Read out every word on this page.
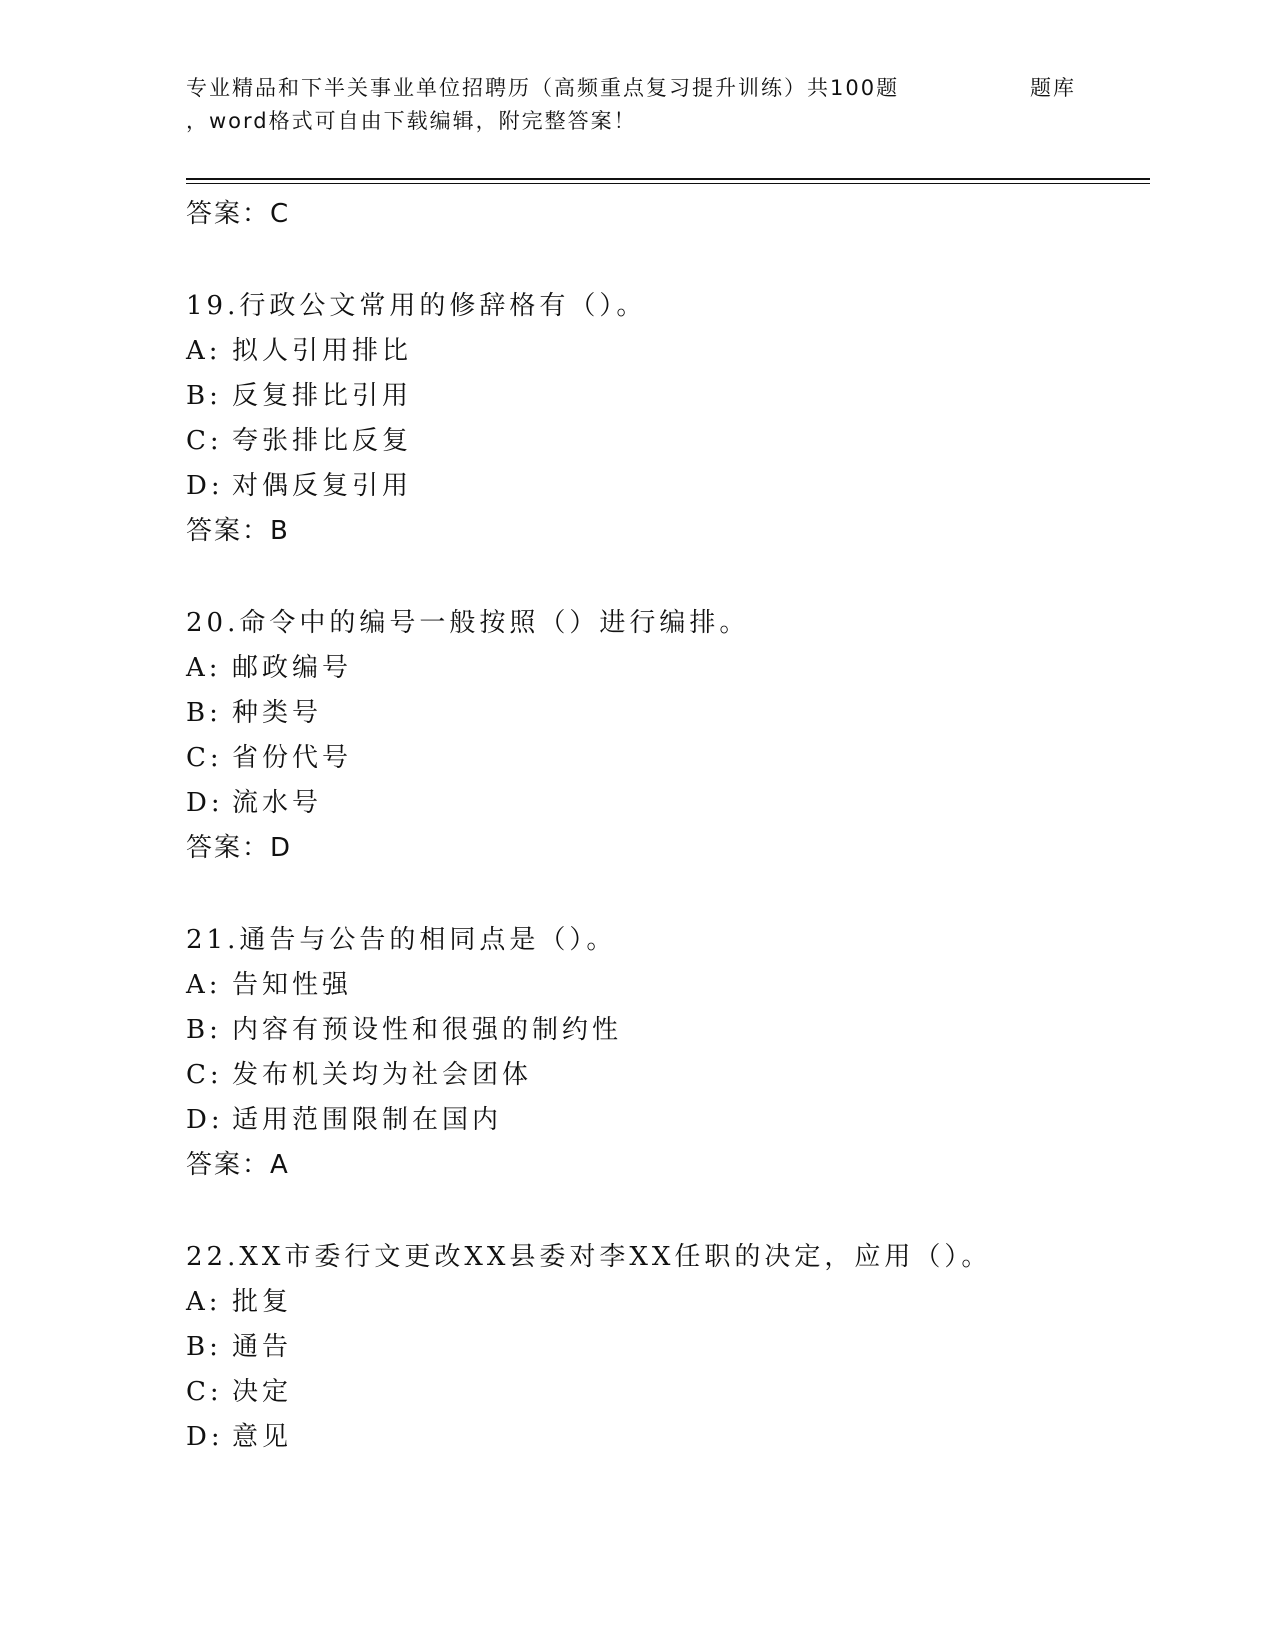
专业精品和下半关事业单位招聘历（高频重点复习提升训练）共100题	题库
，word格式可自由下载编辑，附完整答案！
答案：C
19.行政公文常用的修辞格有（）。
A: 拟人引用排比
B: 反复排比引用
C: 夸张排比反复
D: 对偶反复引用
答案：B
20.命令中的编号一般按照（）进行编排。
A: 邮政编号
B: 种类号
C: 省份代号
D: 流水号
答案：D
21.通告与公告的相同点是（）。
A: 告知性强
B: 内容有预设性和很强的制约性
C: 发布机关均为社会团体
D: 适用范围限制在国内
答案：A
22.XX市委行文更改XX县委对李XX任职的决定，应用（）。
A: 批复
B: 通告
C: 决定
D: 意见
